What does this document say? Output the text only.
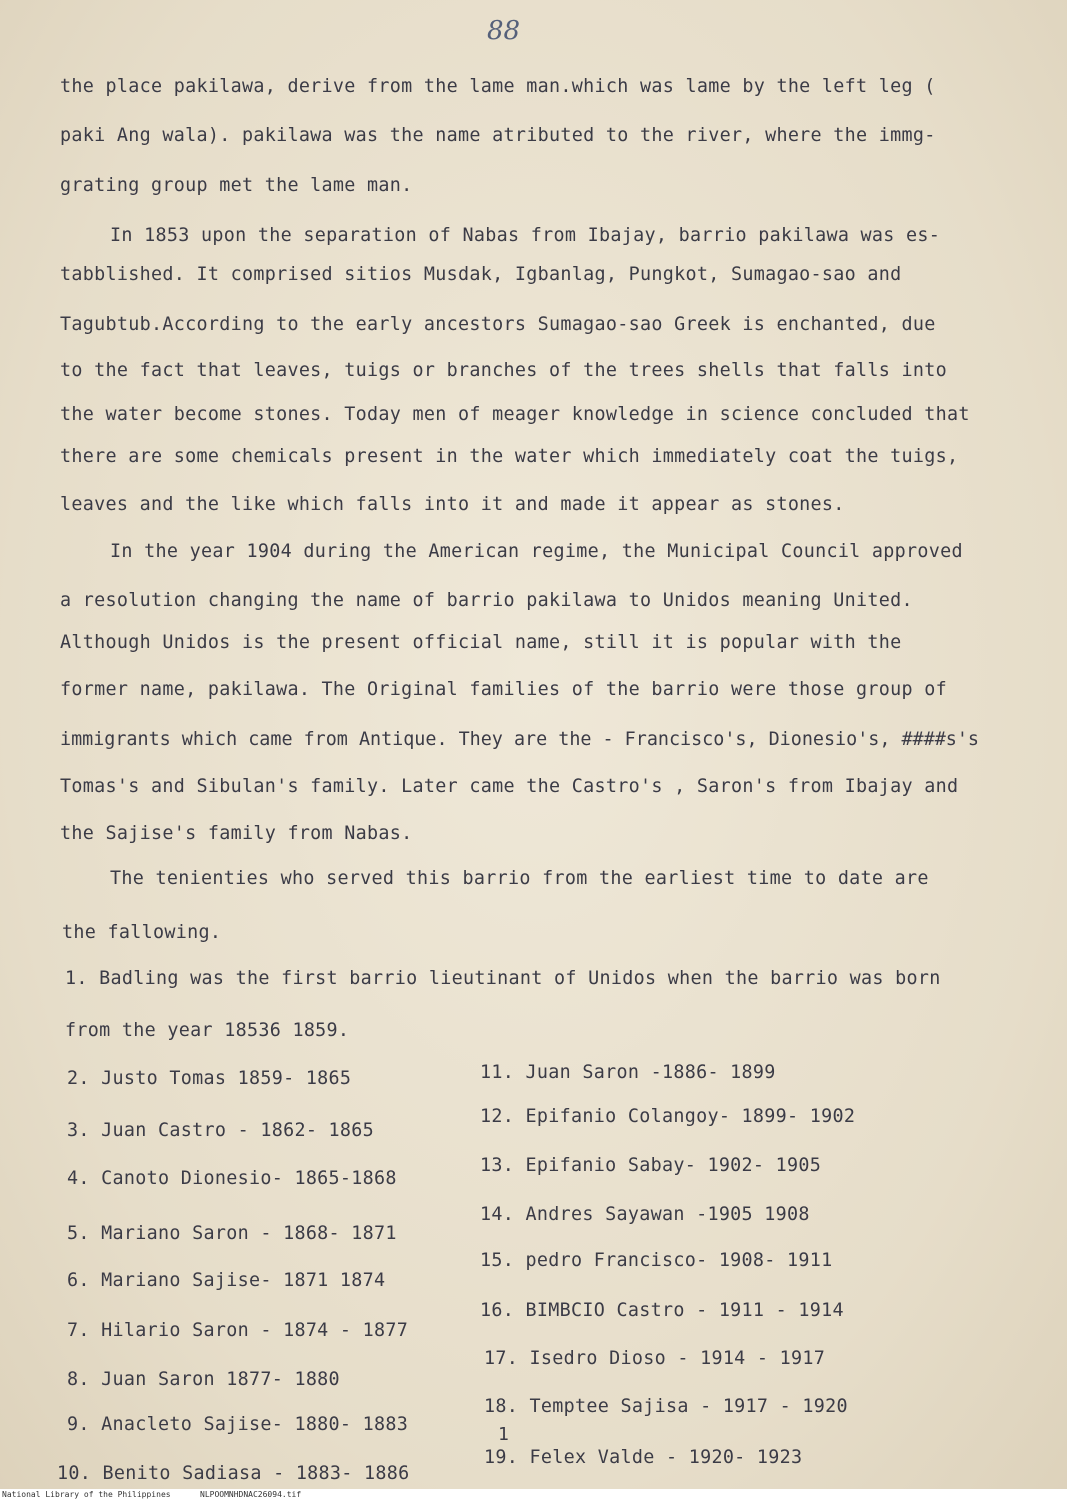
88
the place pakilawa, derive from the lame man.which was lame by the left leg (
paki Ang wala). pakilawa was the name atributed to the river, where the immg-
grating group met the lame man.
In 1853 upon the separation of Nabas from Ibajay, barrio pakilawa was es-
tabblished. It comprised sitios Musdak, Igbanlag, Pungkot, Sumagao-sao and
Tagubtub.According to the early ancestors Sumagao-sao Greek is enchanted, due
to the fact that leaves, tuigs or branches of the trees shells that falls into
the water become stones. Today men of meager knowledge in science concluded that
there are some chemicals present in the water which immediately coat the tuigs,
leaves and the like which falls into it and made it appear as stones.
In the year 1904 during the American regime, the Municipal Council approved
a resolution changing the name of barrio pakilawa to Unidos meaning United.
Although Unidos is the present official name, still it is popular with the
former name, pakilawa. The Original families of the barrio were those group of
immigrants which came from Antique. They are the - Francisco's, Dionesio's, ####s's
Tomas's and Sibulan's family. Later came the Castro's , Saron's from Ibajay and
the Sajise's family from Nabas.
The tenienties who served this barrio from the earliest time to date are
the fallowing.
1. Badling was the first barrio lieutinant of Unidos when the barrio was born
from the year 18536 1859.
2. Justo Tomas 1859- 1865
3. Juan Castro - 1862- 1865
4. Canoto Dionesio- 1865-1868
5. Mariano Saron - 1868- 1871
6. Mariano Sajise- 1871 1874
7. Hilario Saron - 1874 - 1877
8. Juan Saron 1877- 1880
9. Anacleto Sajise- 1880- 1883
10. Benito Sadiasa - 1883- 1886
11. Juan Saron -1886- 1899
12. Epifanio Colangoy- 1899- 1902
13. Epifanio Sabay- 1902- 1905
14. Andres Sayawan -1905 1908
15. pedro Francisco- 1908- 1911
16. BIMBCIO Castro - 1911 - 1914
17. Isedro Dioso - 1914 - 1917
18. Temptee Sajisa - 1917 - 1920
19. Felex Valde - 1920- 1923
1
National Library of the Philippines	NLPOOMNHDNAC26094.tif
